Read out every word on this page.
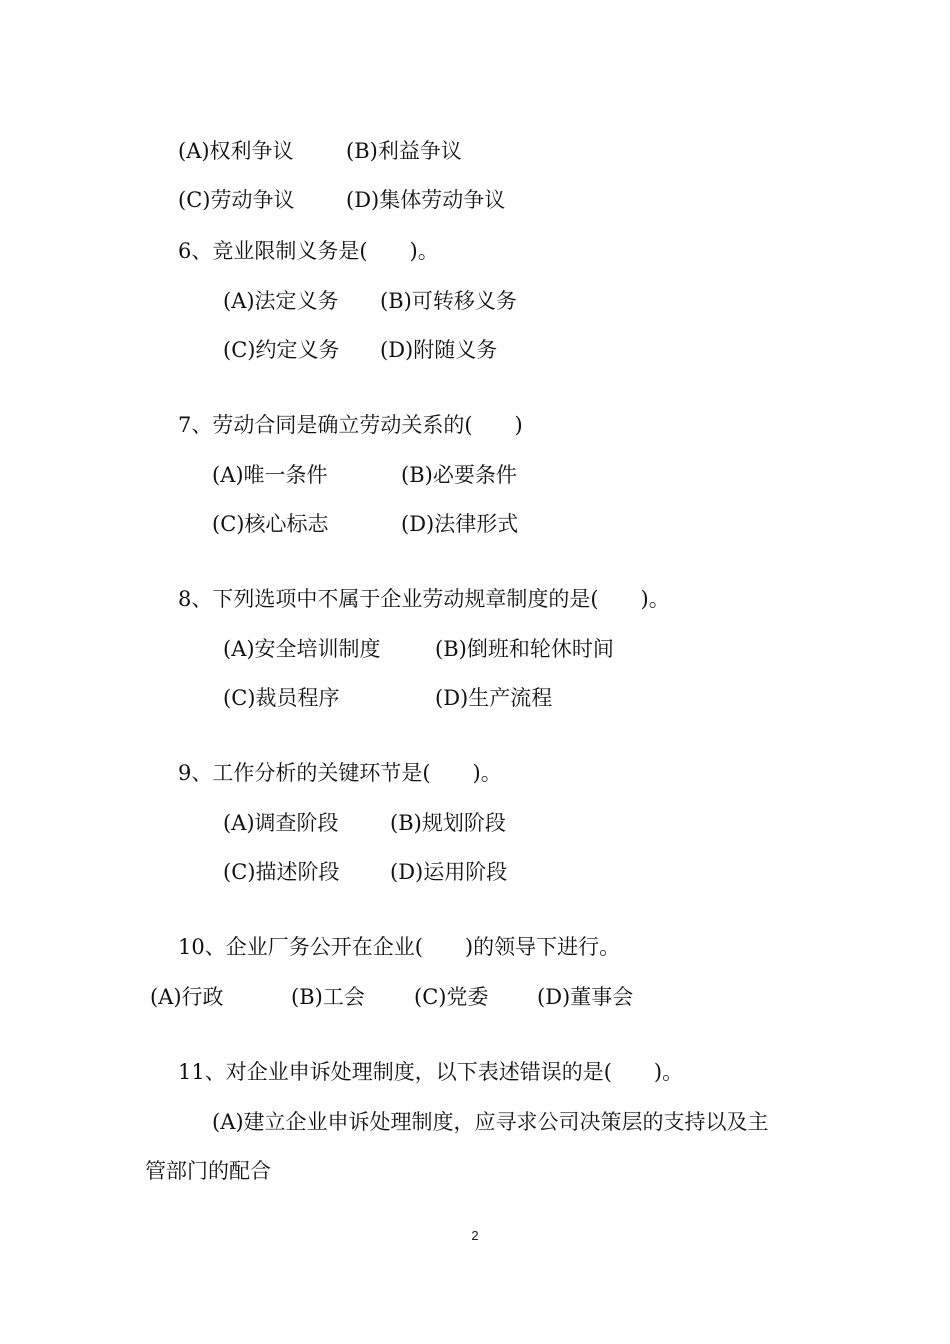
(A)权利争议 (B)利益争议
(C)劳动争议 (D)集体劳动争议
6、竞业限制义务是(　　)。
(A)法定义务 (B)可转移义务
(C)约定义务 (D)附随义务
7、劳动合同是确立劳动关系的(　　)
(A)唯一条件	(B)必要条件
(C)核心标志	(D)法律形式
8、下列选项中不属于企业劳动规章制度的是(　　)。
(A)安全培训制度	(B)倒班和轮休时间
(C)裁员程序	(D)生产流程
9、工作分析的关键环节是(　　)。
(A)调查阶段 (B)规划阶段
(C)描述阶段 (D)运用阶段
10、企业厂务公开在企业(　　)的领导下进行。
(A)行政	(B)工会 (C)党委 (D)董事会
11、对企业申诉处理制度，以下表述错误的是(　　)。
(A)建立企业申诉处理制度，应寻求公司决策层的支持以及主
管部门的配合
2
